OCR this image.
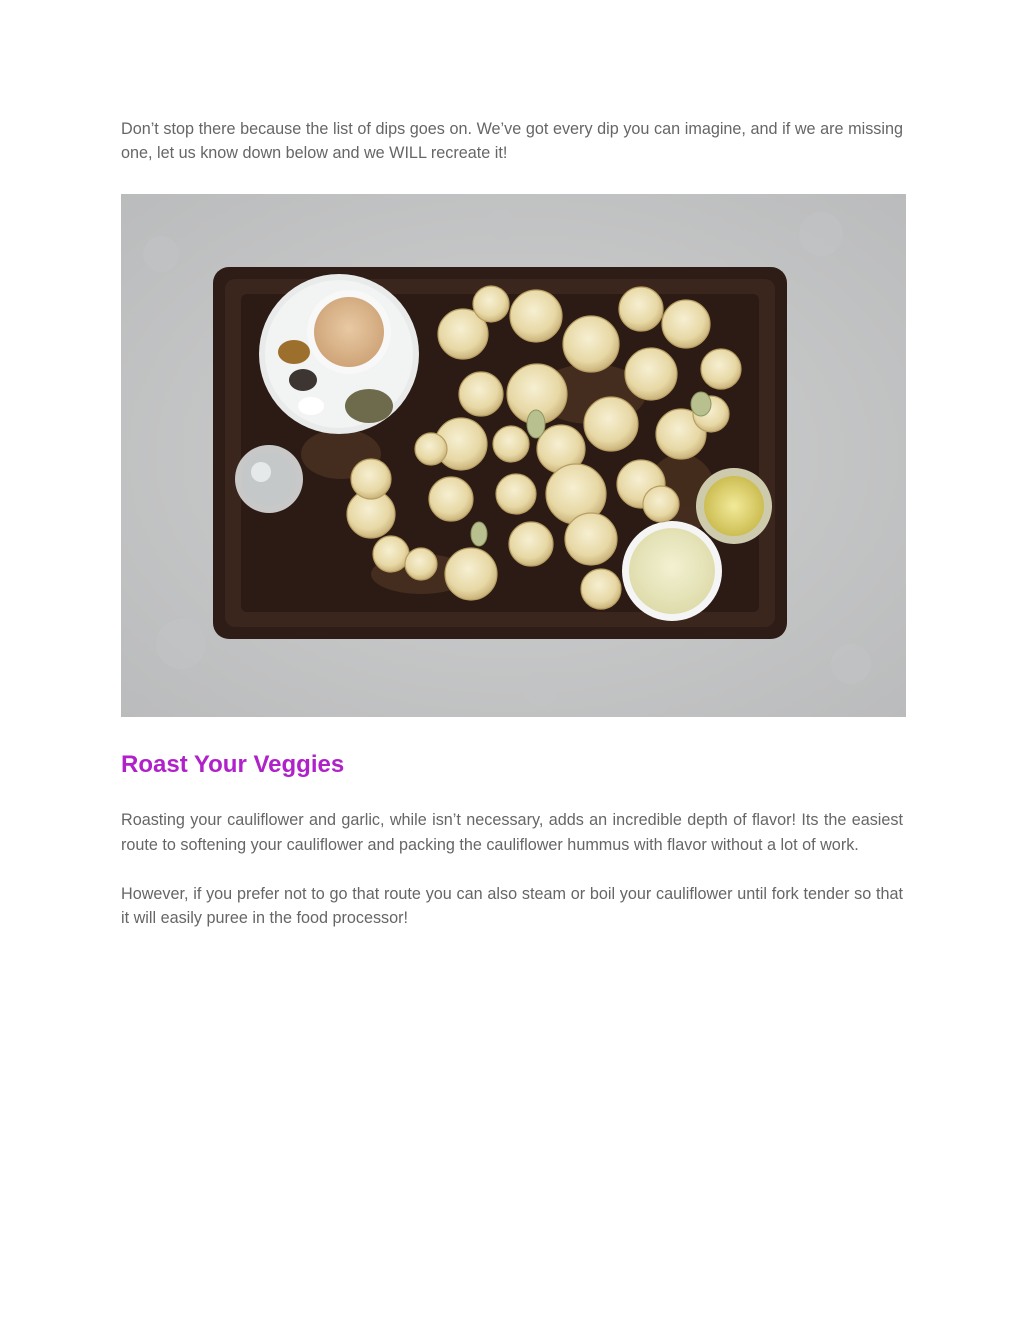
Don’t stop there because the list of dips goes on. We’ve got every dip you can imagine, and if we are missing one, let us know down below and we WILL recreate it!

Roast Your Veggies

Roasting your cauliflower and garlic, while isn’t necessary, adds an incredible depth of flavor! Its the easiest route to softening your cauliflower and packing the cauliflower hummus with flavor without a lot of work.

However, if you prefer not to go that route you can also steam or boil your cauliflower until fork tender so that it will easily puree in the food processor!
